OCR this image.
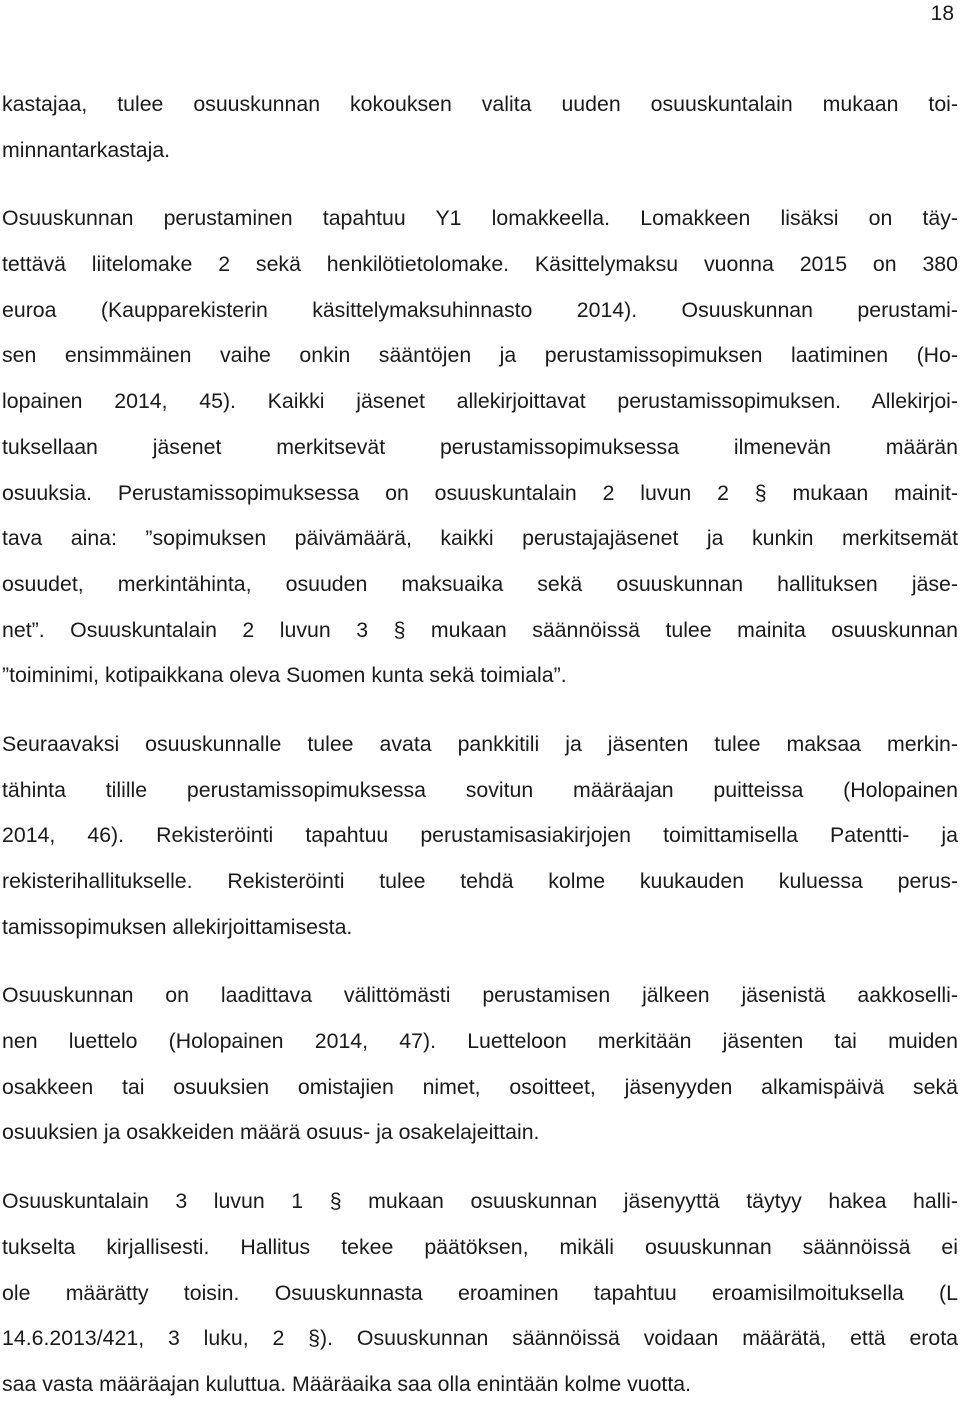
18
kastajaa, tulee osuuskunnan kokouksen valita uuden osuuskuntalain mukaan toi-
minnantarkastaja.
Osuuskunnan perustaminen tapahtuu Y1 lomakkeella. Lomakkeen lisäksi on täy-
tettävä liitelomake 2 sekä henkilötietolomake. Käsittelymaksu vuonna 2015 on 380
euroa (Kaupparekisterin käsittelymaksuhinnasto 2014). Osuuskunnan perustami-
sen ensimmäinen vaihe onkin sääntöjen ja perustamissopimuksen laatiminen (Ho-
lopainen 2014, 45). Kaikki jäsenet allekirjoittavat perustamissopimuksen. Allekirjoi-
tuksellaan jäsenet merkitsevät perustamissopimuksessa ilmenevän määrän
osuuksia. Perustamissopimuksessa on osuuskuntalain 2 luvun 2 § mukaan mainit-
tava aina: ”sopimuksen päivämäärä, kaikki perustajajäsenet ja kunkin merkitsemät
osuudet, merkintähinta, osuuden maksuaika sekä osuuskunnan hallituksen jäse-
net”. Osuuskuntalain 2 luvun 3 § mukaan säännöissä tulee mainita osuuskunnan
”toiminimi, kotipaikkana oleva Suomen kunta sekä toimiala”.
Seuraavaksi osuuskunnalle tulee avata pankkitili ja jäsenten tulee maksaa merkin-
tähinta tilille perustamissopimuksessa sovitun määräajan puitteissa (Holopainen
2014, 46). Rekisteröinti tapahtuu perustamisasiakirjojen toimittamisella Patentti- ja
rekisterihallitukselle. Rekisteröinti tulee tehdä kolme kuukauden kuluessa perus-
tamissopimuksen allekirjoittamisesta.
Osuuskunnan on laadittava välittömästi perustamisen jälkeen jäsenistä aakkoselli-
nen luettelo (Holopainen 2014, 47). Luetteloon merkitään jäsenten tai muiden
osakkeen tai osuuksien omistajien nimet, osoitteet, jäsenyyden alkamispäivä sekä
osuuksien ja osakkeiden määrä osuus- ja osakelajeittain.
Osuuskuntalain 3 luvun 1 § mukaan osuuskunnan jäsenyyttä täytyy hakea halli-
tukselta kirjallisesti. Hallitus tekee päätöksen, mikäli osuuskunnan säännöissä ei
ole määrätty toisin. Osuuskunnasta eroaminen tapahtuu eroamisilmoituksella (L
14.6.2013/421, 3 luku, 2 §). Osuuskunnan säännöissä voidaan määrätä, että erota
saa vasta määräajan kuluttua. Määräaika saa olla enintään kolme vuotta.
